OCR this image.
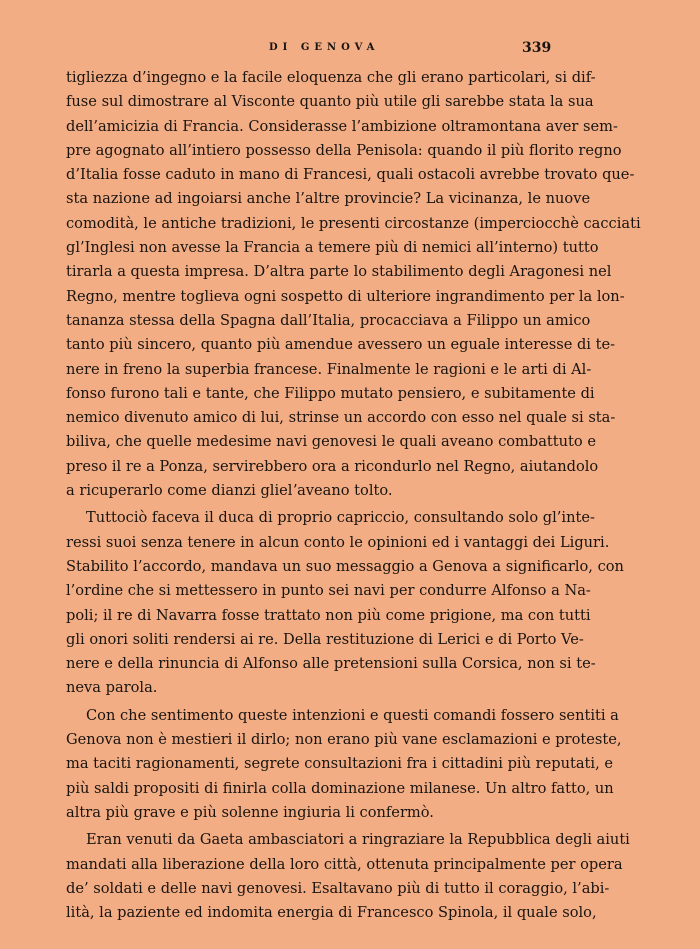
DI GENOVA	339
tigliezza d’ingegno e la facile eloquenza che gli erano particolari, si dif-
fuse sul dimostrare al Visconte quanto più utile gli sarebbe stata la sua
dell’amicizia di Francia. Considerasse l’ambizione oltramontana aver sem-
pre agognato all’intiero possesso della Penisola: quando il più florito regno
d’Italia fosse caduto in mano di Francesi, quali ostacoli avrebbe trovato que-
sta nazione ad ingoiarsi anche l’altre provincie? La vicinanza, le nuove
comodità, le antiche tradizioni, le presenti circostanze (imperciocchè cacciati
gl’Inglesi non avesse la Francia a temere più di nemici all’interno) tutto
tirarla a questa impresa. D’altra parte lo stabilimento degli Aragonesi nel
Regno, mentre toglieva ogni sospetto di ulteriore ingrandimento per la lon-
tananza stessa della Spagna dall’Italia, procacciava a Filippo un amico
tanto più sincero, quanto più amendue avessero un eguale interesse di te-
nere in freno la superbia francese. Finalmente le ragioni e le arti di Al-
fonso furono tali e tante, che Filippo mutato pensiero, e subitamente di
nemico divenuto amico di lui, strinse un accordo con esso nel quale si sta-
biliva, che quelle medesime navi genovesi le quali aveano combattuto e
preso il re a Ponza, servirebbero ora a ricondurlo nel Regno, aiutandolo
a ricuperarlo come dianzi glielʼaveano tolto.
Tuttociò faceva il duca di proprio capriccio, consultando solo gl’inte-
ressi suoi senza tenere in alcun conto le opinioni ed i vantaggi dei Liguri.
Stabilito l’accordo, mandava un suo messaggio a Genova a significarlo, con
l’ordine che si mettessero in punto sei navi per condurre Alfonso a Na-
poli; il re di Navarra fosse trattato non più come prigione, ma con tutti
gli onori soliti rendersi ai re. Della restituzione di Lerici e di Porto Ve-
nere e della rinuncia di Alfonso alle pretensioni sulla Corsica, non si te-
neva parola.
Con che sentimento queste intenzioni e questi comandi fossero sentiti a
Genova non è mestieri il dirlo; non erano più vane esclamazioni e proteste,
ma taciti ragionamenti, segrete consultazioni fra i cittadini più reputati, e
più saldi propositi di finirla colla dominazione milanese. Un altro fatto, un
altra più grave e più solenne ingiuria li confermò.
Eran venuti da Gaeta ambasciatori a ringraziare la Repubblica degli aiuti
mandati alla liberazione della loro città, ottenuta principalmente per opera
de’ soldati e delle navi genovesi. Esaltavano più di tutto il coraggio, l’abi-
lità, la paziente ed indomita energia di Francesco Spinola, il quale solo,
